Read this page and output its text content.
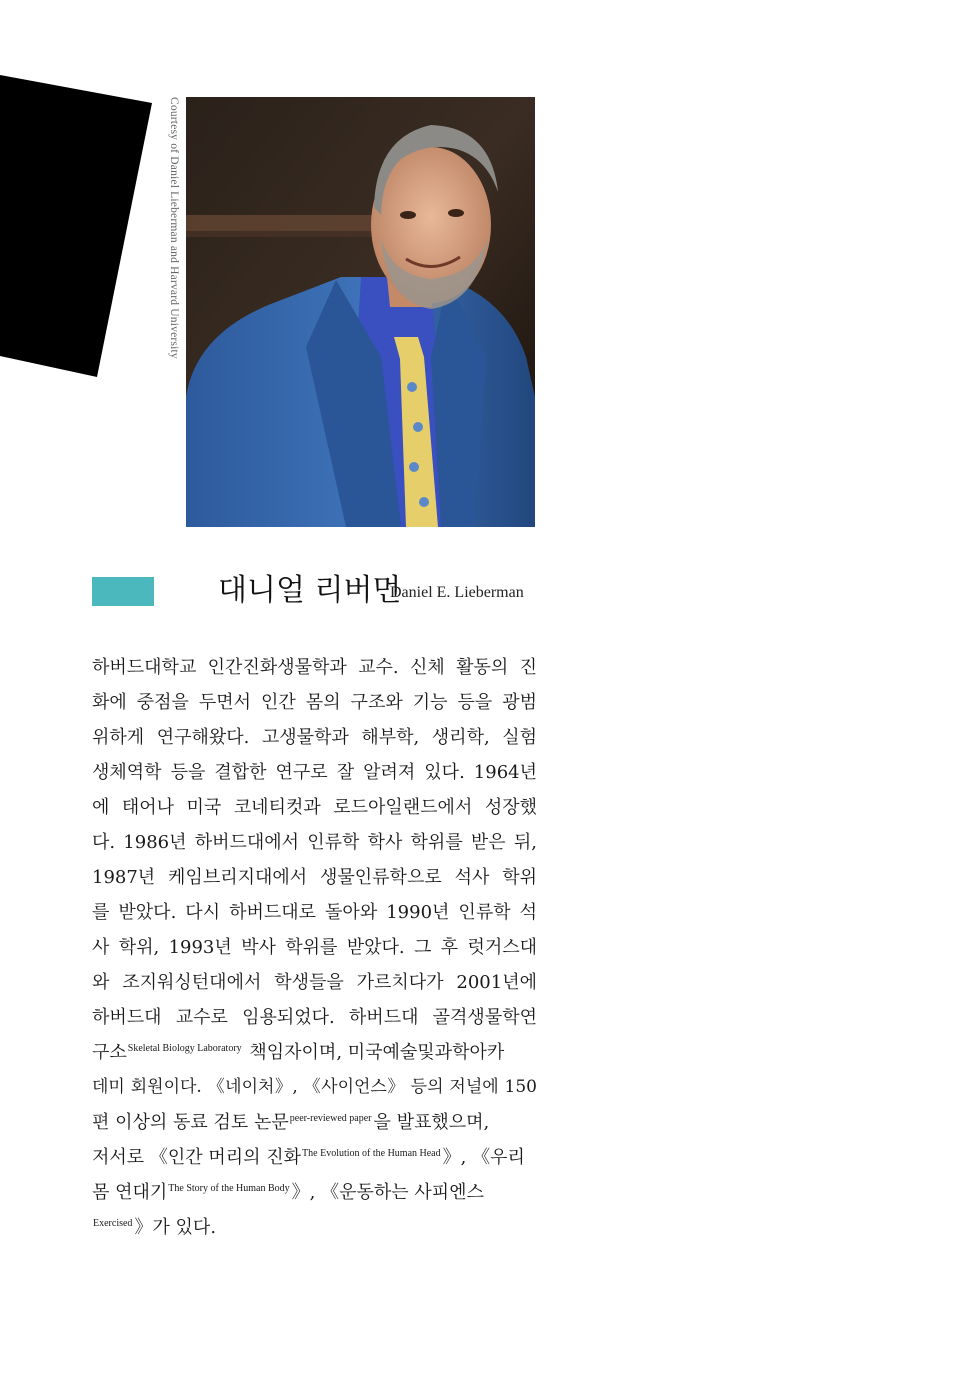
Courtesy of Daniel Lieberman and Harvard University
대니얼 리버먼
Daniel E. Lieberman
하버드대학교 인간진화생물학과 교수. 신체 활동의 진
화에 중점을 두면서 인간 몸의 구조와 기능 등을 광범
위하게 연구해왔다. 고생물학과 해부학, 생리학, 실험
생체역학 등을 결합한 연구로 잘 알려져 있다. 1964년
에 태어나 미국 코네티컷과 로드아일랜드에서 성장했
다. 1986년 하버드대에서 인류학 학사 학위를 받은 뒤,
1987년 케임브리지대에서 생물인류학으로 석사 학위
를 받았다. 다시 하버드대로 돌아와 1990년 인류학 석
사 학위, 1993년 박사 학위를 받았다. 그 후 럿거스대
와 조지워싱턴대에서 학생들을 가르치다가 2001년에
하버드대 교수로 임용되었다. 하버드대 골격생물학연
구소$^{Skeletal Biology Laboratory}$ 책임자이며, 미국예술및과학아카
데미 회원이다. 《네이처》, 《사이언스》 등의 저널에 150
편 이상의 동료 검토 논문$^{peer-reviewed paper}$ 을 발표했으며,
저서로 《인간 머리의 진화$^{The Evolution of the Human Head}$ 》, 《우리
몸 연대기$^{The Story of the Human Body}$ 》, 《운동하는 사피엔스
$^{Exercised}$ 》가 있다.
